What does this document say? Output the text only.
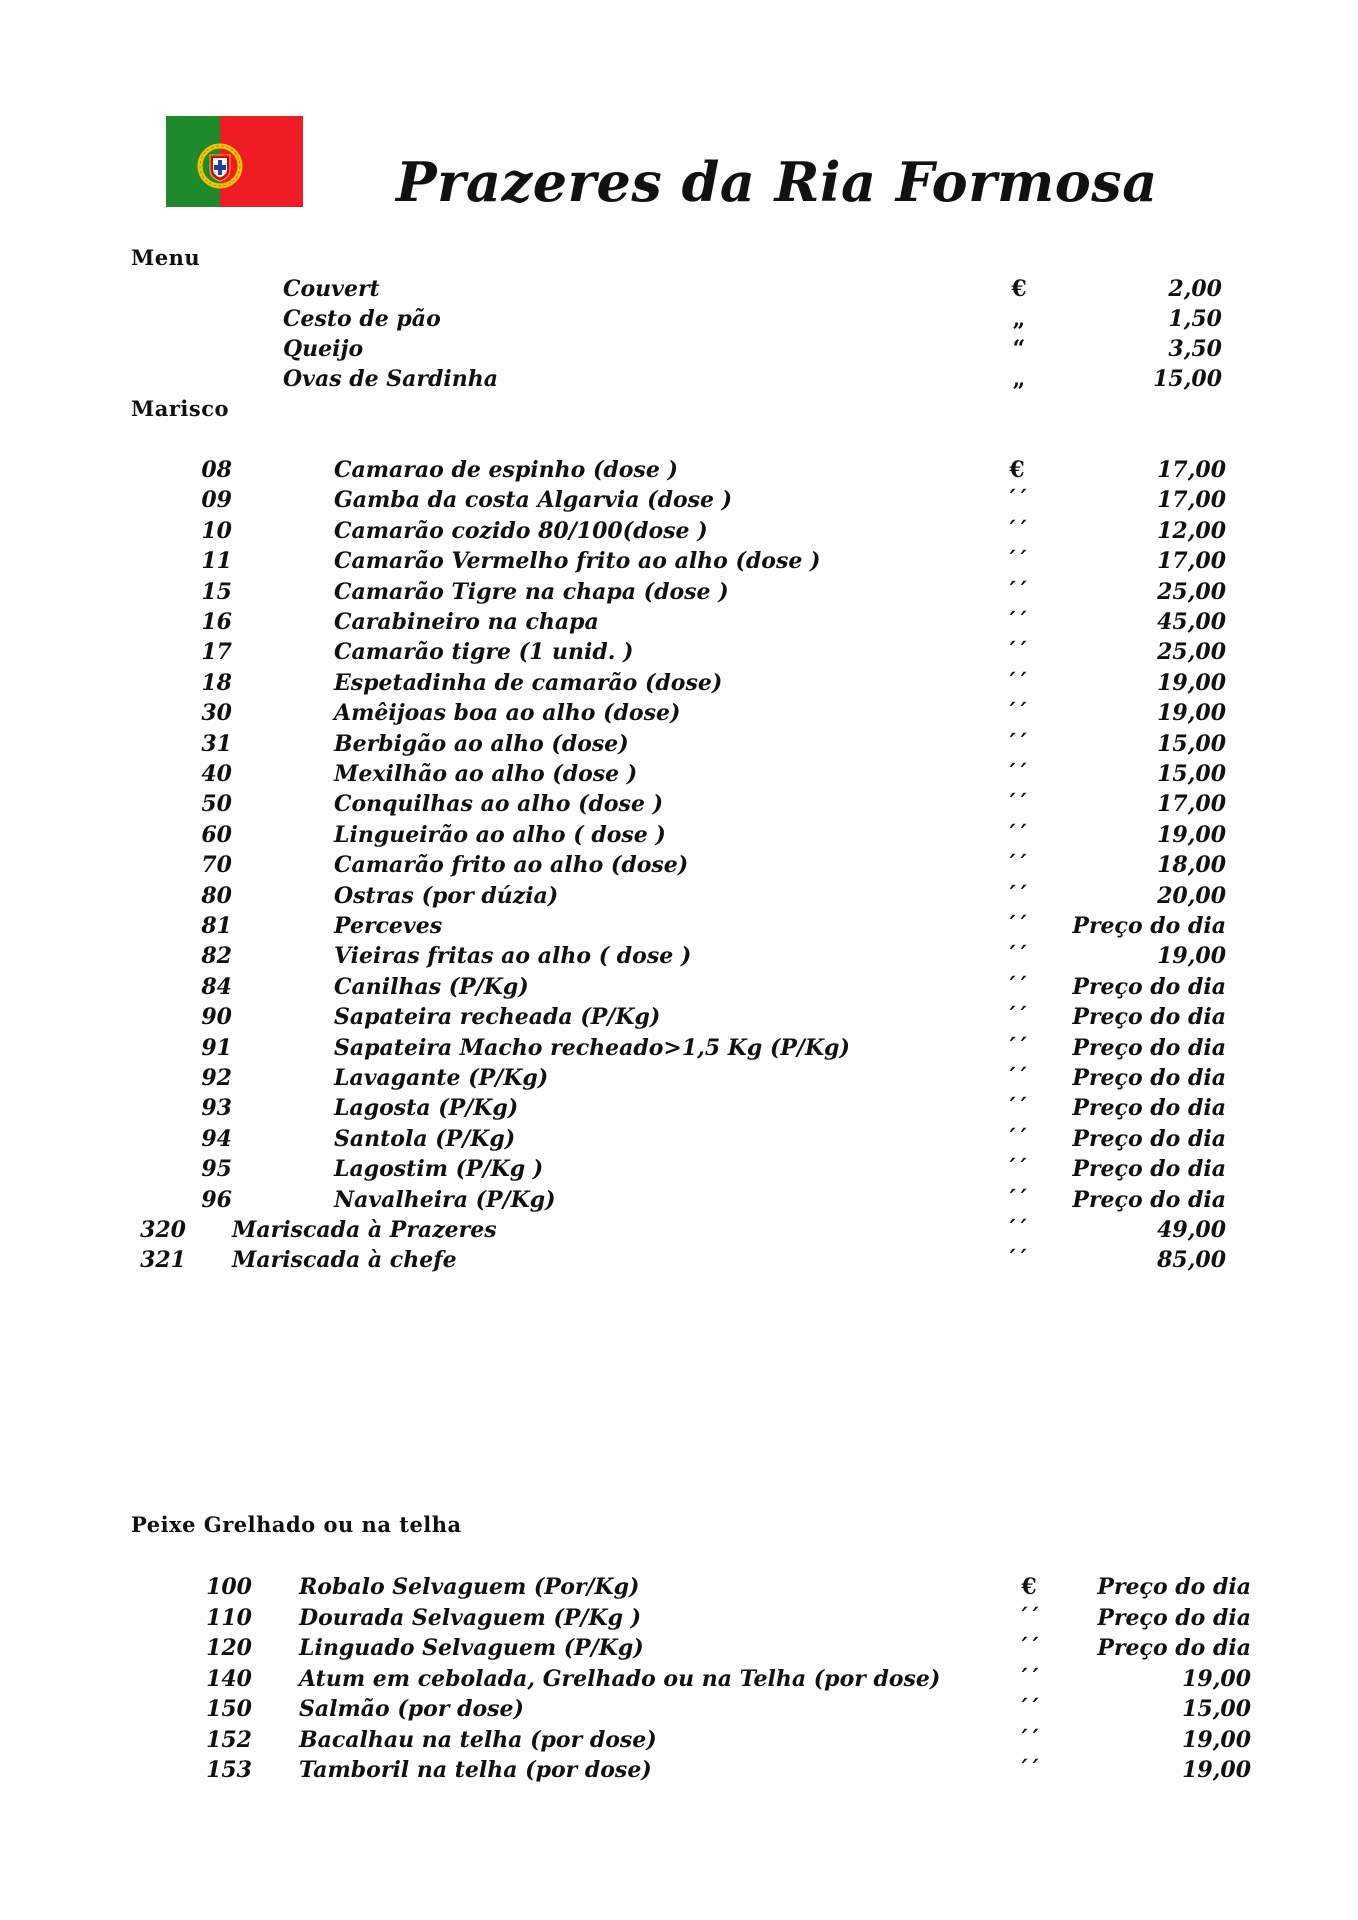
Prazeres da Ria Formosa
Menu
Couvert	€	2,00
Cesto de pão	„	1,50
Queijo	“	3,50
Ovas de Sardinha	„	15,00
Marisco
08	Camarao de espinho (dose )	€	17,00
09	Gamba da costa Algarvia (dose )	´´	17,00
10	Camarão cozido 80/100(dose )	´´	12,00
11	Camarão Vermelho frito ao alho (dose )	´´	17,00
15	Camarão Tigre na chapa (dose )	´´	25,00
16	Carabineiro na chapa	´´	45,00
17	Camarão tigre (1 unid. )	´´	25,00
18	Espetadinha de camarão (dose)	´´	19,00
30	Amêijoas boa ao alho (dose)	´´	19,00
31	Berbigão ao alho (dose)	´´	15,00
40	Mexilhão ao alho (dose )	´´	15,00
50	Conquilhas ao alho (dose )	´´	17,00
60	Lingueirão ao alho ( dose )	´´	19,00
70	Camarão frito ao alho (dose)	´´	18,00
80	Ostras (por dúzia)	´´	20,00
81	Perceves	´´	Preço do dia
82	Vieiras fritas ao alho ( dose )	´´	19,00
84	Canilhas (P/Kg)	´´	Preço do dia
90	Sapateira recheada (P/Kg)	´´	Preço do dia
91	Sapateira Macho recheado>1,5 Kg (P/Kg)	´´	Preço do dia
92	Lavagante (P/Kg)	´´	Preço do dia
93	Lagosta (P/Kg)	´´	Preço do dia
94	Santola (P/Kg)	´´	Preço do dia
95	Lagostim (P/Kg )	´´	Preço do dia
96	Navalheira (P/Kg)	´´	Preço do dia
320 Mariscada à Prazeres	´´	49,00
321 Mariscada à chefe	´´	85,00
Peixe Grelhado ou na telha
100 Robalo Selvaguem (Por/Kg)	€	Preço do dia
110 Dourada Selvaguem (P/Kg )	´´	Preço do dia
120 Linguado Selvaguem (P/Kg)	´´	Preço do dia
140 Atum em cebolada, Grelhado ou na Telha (por dose)	´´	19,00
150 Salmão (por dose)	´´	15,00
152 Bacalhau na telha (por dose)	´´	19,00
153 Tamboril na telha (por dose)	´´	19,00
